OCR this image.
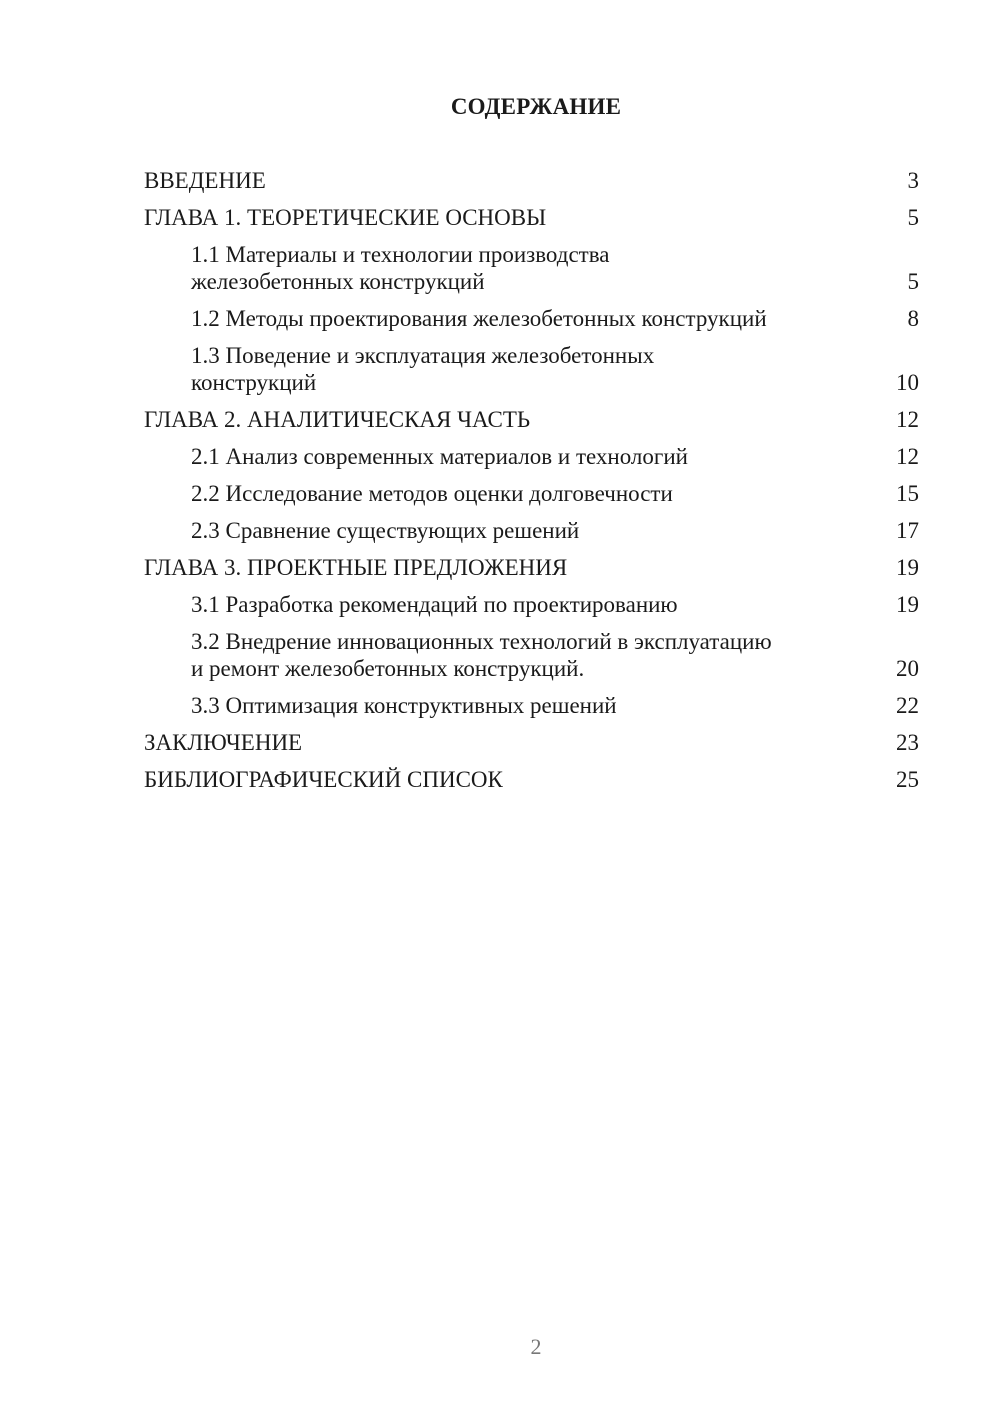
СОДЕРЖАНИЕ
ВВЕДЕНИЕ	3
ГЛАВА 1. ТЕОРЕТИЧЕСКИЕ ОСНОВЫ	5
1.1 Материалы и технологии производства
железобетонных конструкций	5
1.2 Методы проектирования железобетонных конструкций	8
1.3 Поведение и эксплуатация железобетонных
конструкций	10
ГЛАВА 2. АНАЛИТИЧЕСКАЯ ЧАСТЬ	12
2.1 Анализ современных материалов и технологий	12
2.2 Исследование методов оценки долговечности	15
2.3 Сравнение существующих решений	17
ГЛАВА 3. ПРОЕКТНЫЕ ПРЕДЛОЖЕНИЯ	19
3.1 Разработка рекомендаций по проектированию	19
3.2 Внедрение инновационных технологий в эксплуатацию
и ремонт железобетонных конструкций.	20
3.3 Оптимизация конструктивных решений	22
ЗАКЛЮЧЕНИЕ	23
БИБЛИОГРАФИЧЕСКИЙ СПИСОК	25
2
